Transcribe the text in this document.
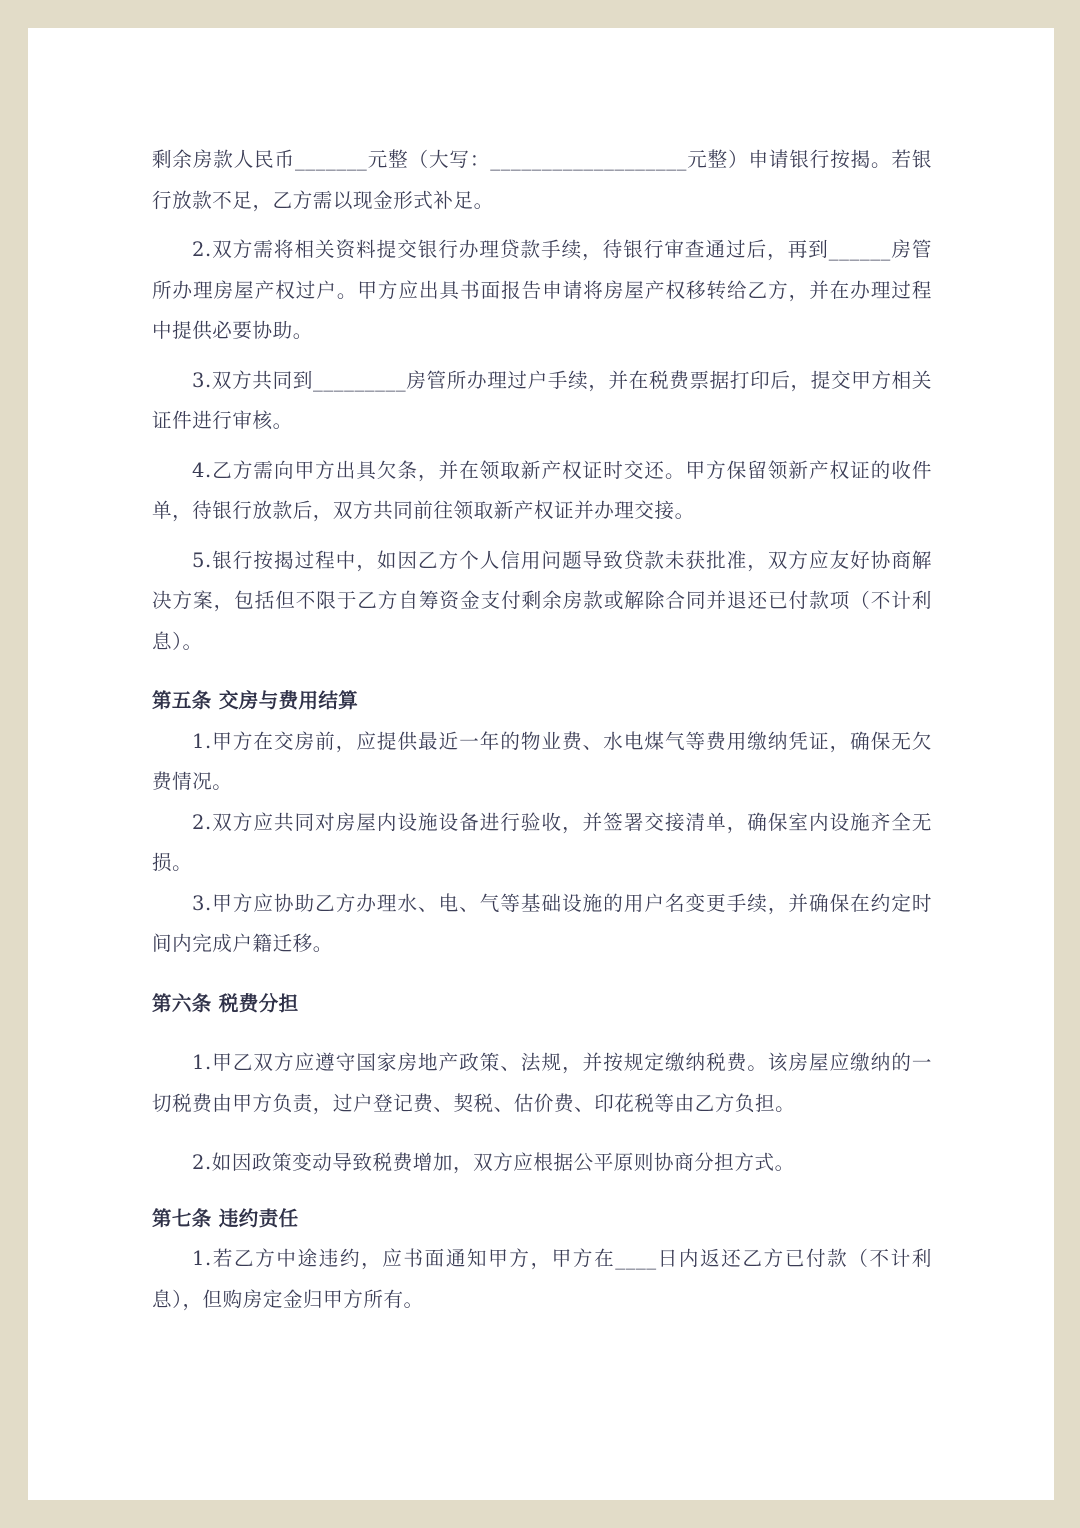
剩余房款人民币_______元整（大写：___________________元整）申请银行按揭。若银行放款不足，乙方需以现金形式补足。

2.双方需将相关资料提交银行办理贷款手续，待银行审查通过后，再到______房管所办理房屋产权过户。甲方应出具书面报告申请将房屋产权移转给乙方，并在办理过程中提供必要协助。

3.双方共同到_________房管所办理过户手续，并在税费票据打印后，提交甲方相关证件进行审核。

4.乙方需向甲方出具欠条，并在领取新产权证时交还。甲方保留领新产权证的收件单，待银行放款后，双方共同前往领取新产权证并办理交接。

5.银行按揭过程中，如因乙方个人信用问题导致贷款未获批准，双方应友好协商解决方案，包括但不限于乙方自筹资金支付剩余房款或解除合同并退还已付款项（不计利息）。

第五条 交房与费用结算

1.甲方在交房前，应提供最近一年的物业费、水电煤气等费用缴纳凭证，确保无欠费情况。

2.双方应共同对房屋内设施设备进行验收，并签署交接清单，确保室内设施齐全无损。

3.甲方应协助乙方办理水、电、气等基础设施的用户名变更手续，并确保在约定时间内完成户籍迁移。

第六条 税费分担

1.甲乙双方应遵守国家房地产政策、法规，并按规定缴纳税费。该房屋应缴纳的一切税费由甲方负责，过户登记费、契税、估价费、印花税等由乙方负担。

2.如因政策变动导致税费增加，双方应根据公平原则协商分担方式。

第七条 违约责任

1.若乙方中途违约，应书面通知甲方，甲方在____日内返还乙方已付款（不计利息），但购房定金归甲方所有。
